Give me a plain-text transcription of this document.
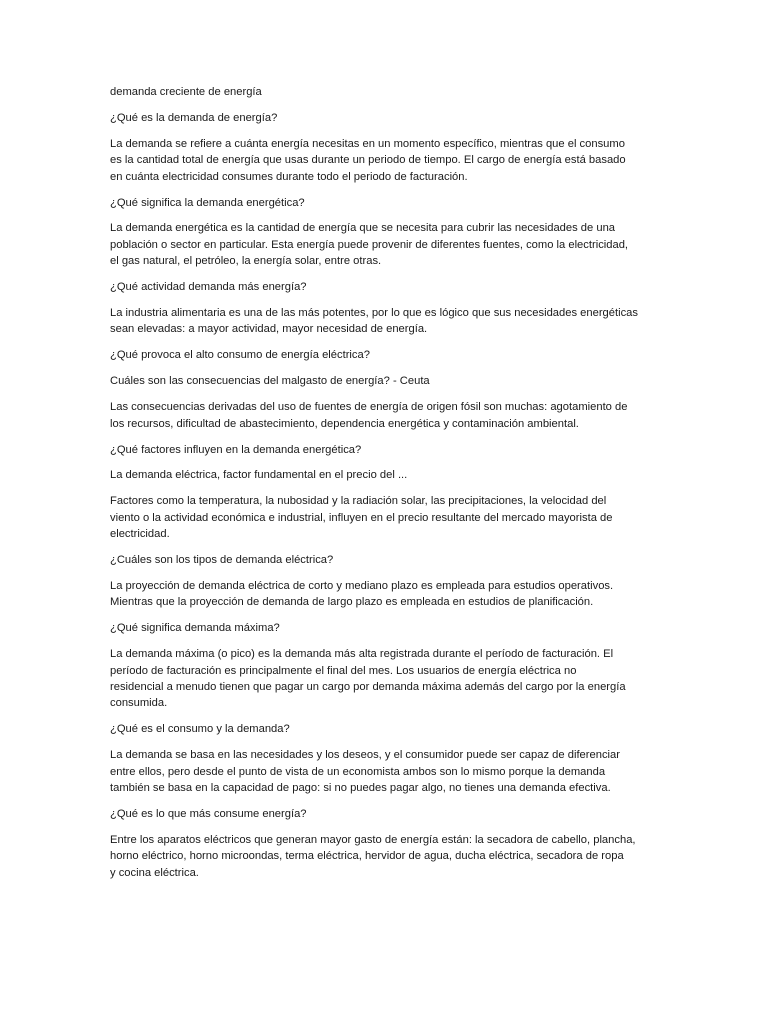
demanda creciente de energía

¿Qué es la demanda de energía?

La demanda se refiere a cuánta energía necesitas en un momento específico, mientras que el consumo
es la cantidad total de energía que usas durante un periodo de tiempo. El cargo de energía está basado
en cuánta electricidad consumes durante todo el periodo de facturación.

¿Qué significa la demanda energética?

La demanda energética es la cantidad de energía que se necesita para cubrir las necesidades de una
población o sector en particular. Esta energía puede provenir de diferentes fuentes, como la electricidad,
el gas natural, el petróleo, la energía solar, entre otras.

¿Qué actividad demanda más energía?

La industria alimentaria es una de las más potentes, por lo que es lógico que sus necesidades energéticas
sean elevadas: a mayor actividad, mayor necesidad de energía.

¿Qué provoca el alto consumo de energía eléctrica?

Cuáles son las consecuencias del malgasto de energía? - Ceuta

Las consecuencias derivadas del uso de fuentes de energía de origen fósil son muchas: agotamiento de
los recursos, dificultad de abastecimiento, dependencia energética y contaminación ambiental.

¿Qué factores influyen en la demanda energética?

La demanda eléctrica, factor fundamental en el precio del ...

Factores como la temperatura, la nubosidad y la radiación solar, las precipitaciones, la velocidad del
viento o la actividad económica e industrial, influyen en el precio resultante del mercado mayorista de
electricidad.

¿Cuáles son los tipos de demanda eléctrica?

La proyección de demanda eléctrica de corto y mediano plazo es empleada para estudios operativos.
Mientras que la proyección de demanda de largo plazo es empleada en estudios de planificación.

¿Qué significa demanda máxima?

La demanda máxima (o pico) es la demanda más alta registrada durante el período de facturación. El
período de facturación es principalmente el final del mes. Los usuarios de energía eléctrica no
residencial a menudo tienen que pagar un cargo por demanda máxima además del cargo por la energía
consumida.

¿Qué es el consumo y la demanda?

La demanda se basa en las necesidades y los deseos, y el consumidor puede ser capaz de diferenciar
entre ellos, pero desde el punto de vista de un economista ambos son lo mismo porque la demanda
también se basa en la capacidad de pago: si no puedes pagar algo, no tienes una demanda efectiva.

¿Qué es lo que más consume energía?

Entre los aparatos eléctricos que generan mayor gasto de energía están: la secadora de cabello, plancha,
horno eléctrico, horno microondas, terma eléctrica, hervidor de agua, ducha eléctrica, secadora de ropa
y cocina eléctrica.
